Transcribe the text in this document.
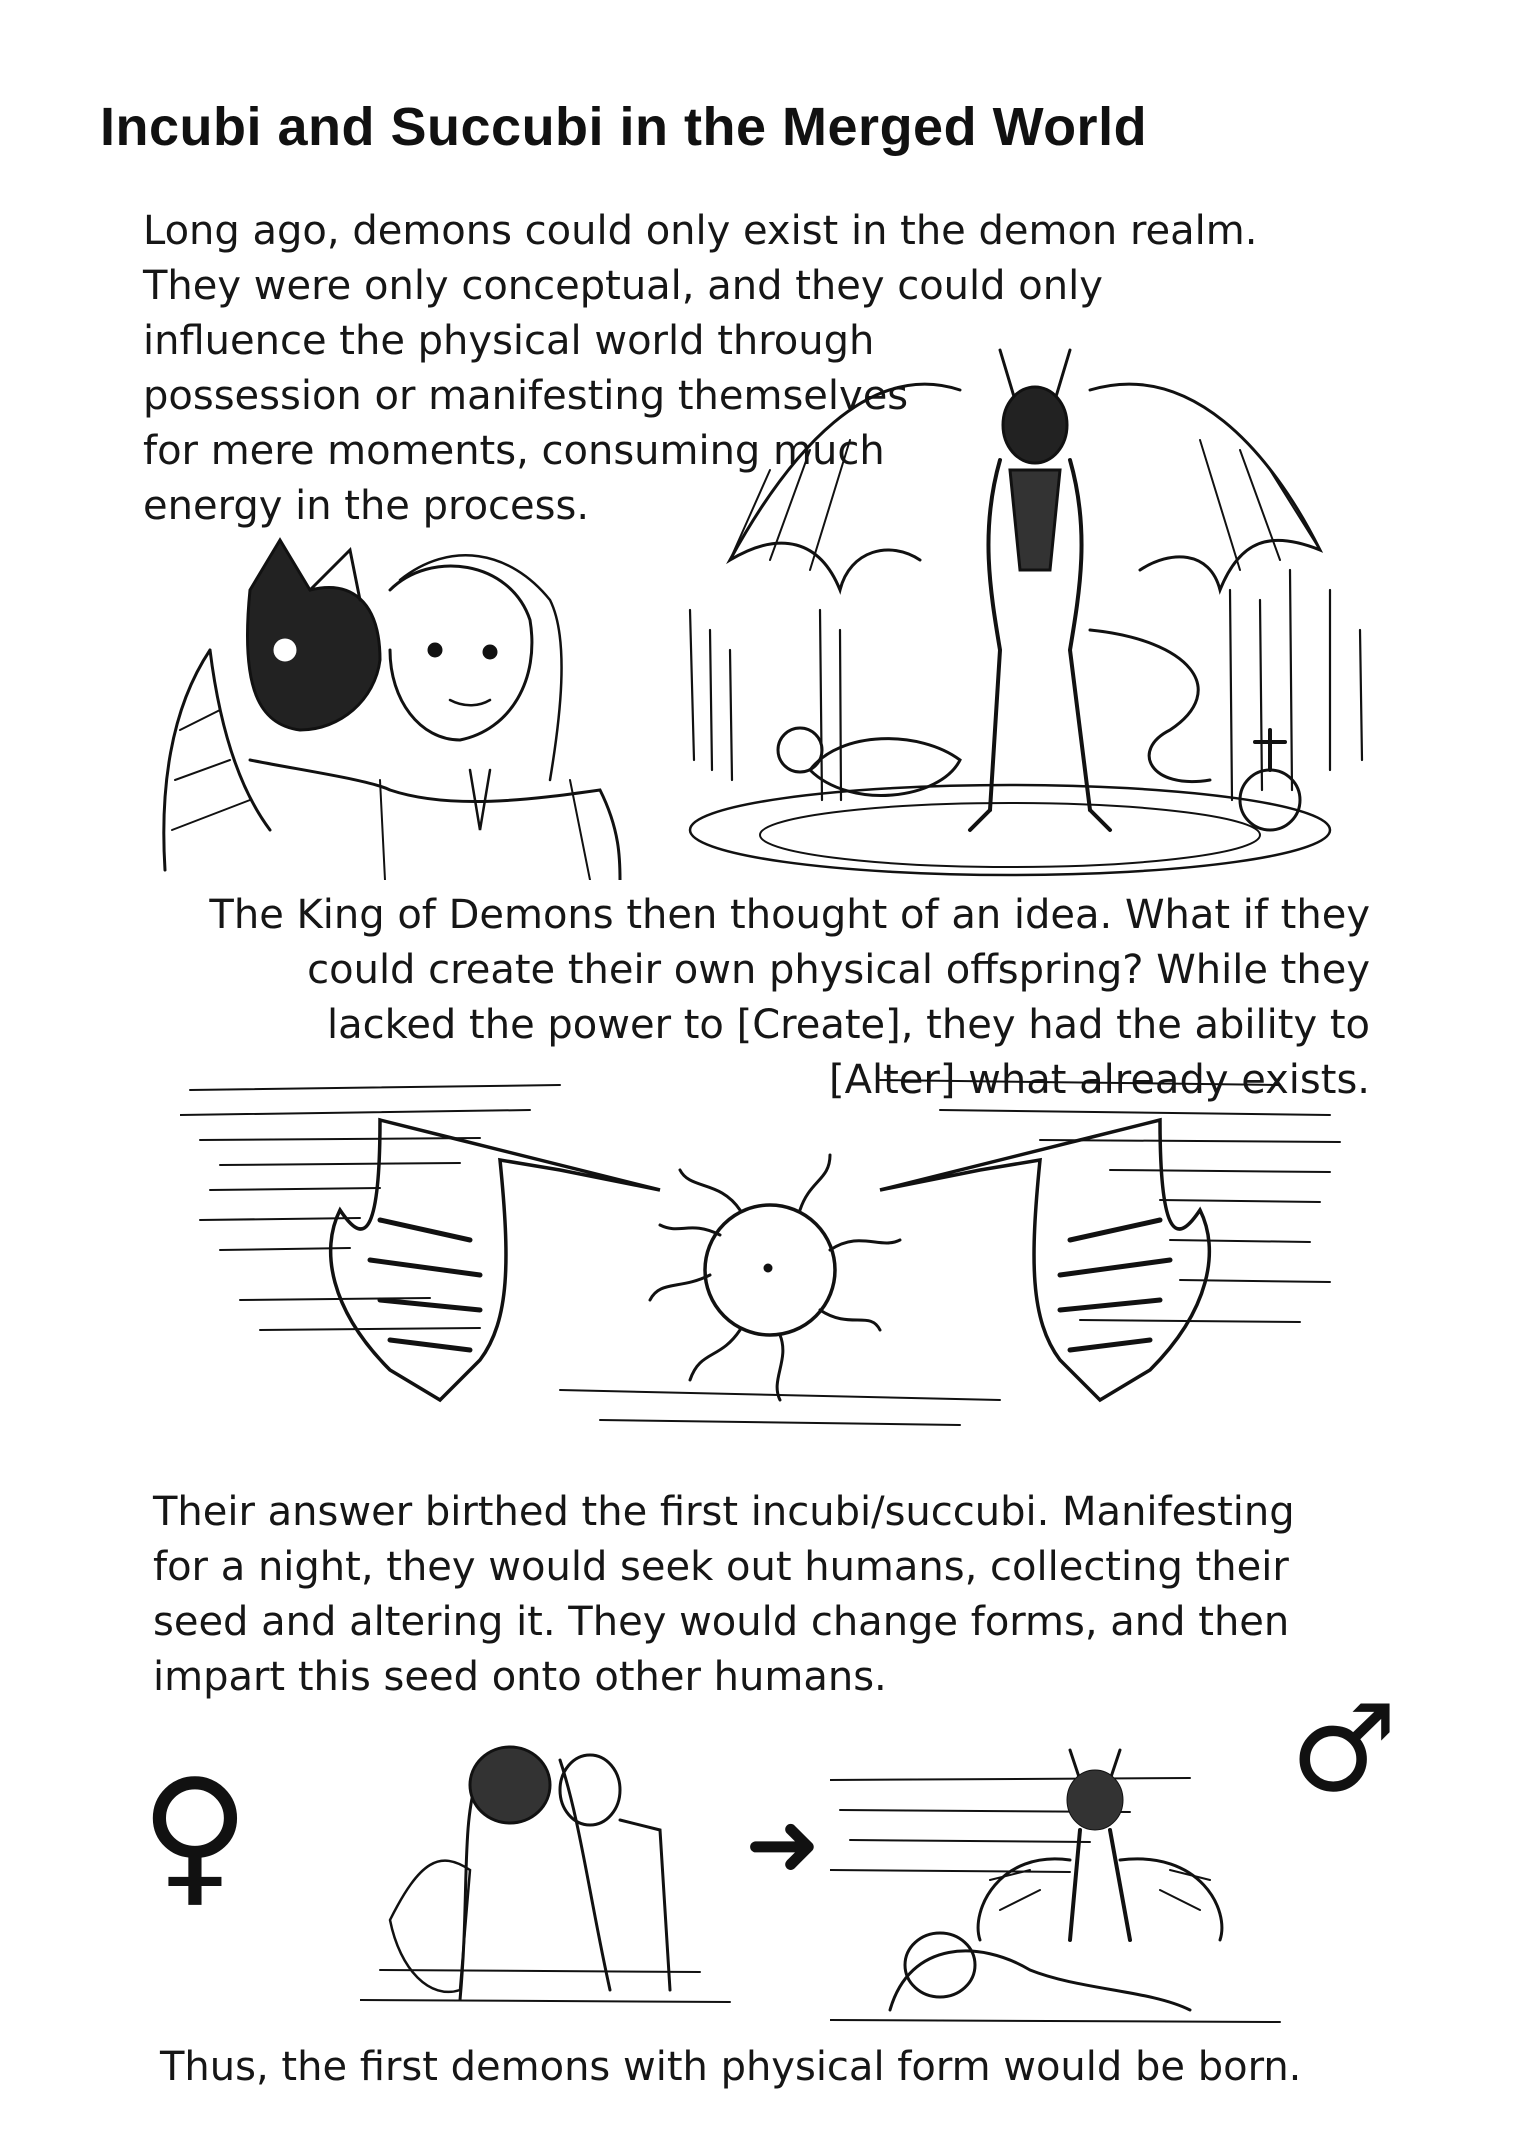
Incubi and Succubi in the Merged World
Long ago, demons could only exist in the demon realm.
They were only conceptual, and they could only
influence the physical world through
possession or manifesting themselves
for mere moments, consuming much
energy in the process.
The King of Demons then thought of an idea. What if they
could create their own physical offspring? While they
lacked the power to [Create], they had the ability to
[Alter] what already exists.
Their answer birthed the first incubi/succubi. Manifesting
for a night, they would seek out humans, collecting their
seed and altering it. They would change forms, and then
impart this seed onto other humans.
♀	➜
♂
Thus, the first demons with physical form would be born.
